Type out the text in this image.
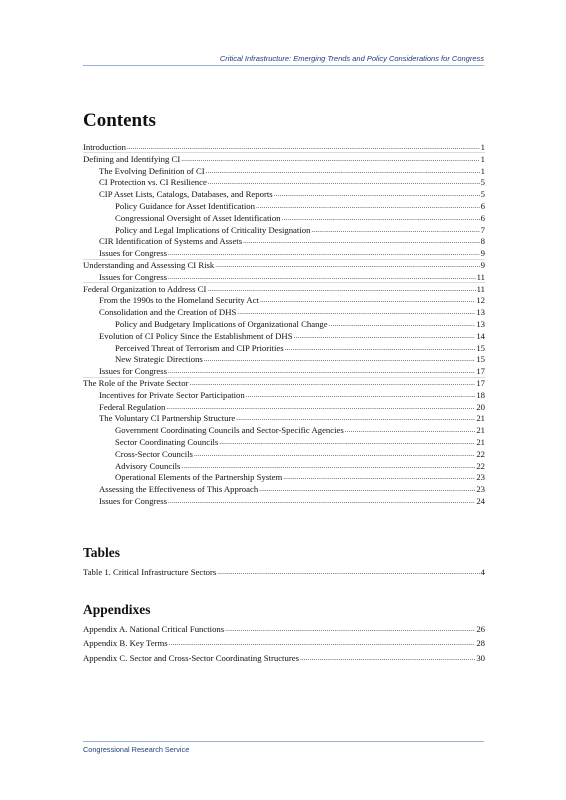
Critical Infrastructure: Emerging Trends and Policy Considerations for Congress
Contents
Introduction .....	1
Defining and Identifying CI .....	1
The Evolving Definition of CI .....	1
CI Protection vs. CI Resilience .....	5
CIP Asset Lists, Catalogs, Databases, and Reports .....	5
Policy Guidance for Asset Identification .....	6
Congressional Oversight of Asset Identification .....	6
Policy and Legal Implications of Criticality Designation .....	7
CIR Identification of Systems and Assets .....	8
Issues for Congress .....	9
Understanding and Assessing CI Risk .....	9
Issues for Congress .....	11
Federal Organization to Address CI .....	11
From the 1990s to the Homeland Security Act .....	12
Consolidation and the Creation of DHS .....	13
Policy and Budgetary Implications of Organizational Change .....	13
Evolution of CI Policy Since the Establishment of DHS .....	14
Perceived Threat of Terrorism and CIP Priorities .....	15
New Strategic Directions .....	15
Issues for Congress .....	17
The Role of the Private Sector .....	17
Incentives for Private Sector Participation .....	18
Federal Regulation .....	20
The Voluntary CI Partnership Structure .....	21
Government Coordinating Councils and Sector-Specific Agencies .....	21
Sector Coordinating Councils .....	21
Cross-Sector Councils .....	22
Advisory Councils .....	22
Operational Elements of the Partnership System .....	23
Assessing the Effectiveness of This Approach .....	23
Issues for Congress .....	24
Tables
Table 1. Critical Infrastructure Sectors .....	4
Appendixes
Appendix A. National Critical Functions .....	26
Appendix B. Key Terms .....	28
Appendix C. Sector and Cross-Sector Coordinating Structures .....	30
Congressional Research Service
